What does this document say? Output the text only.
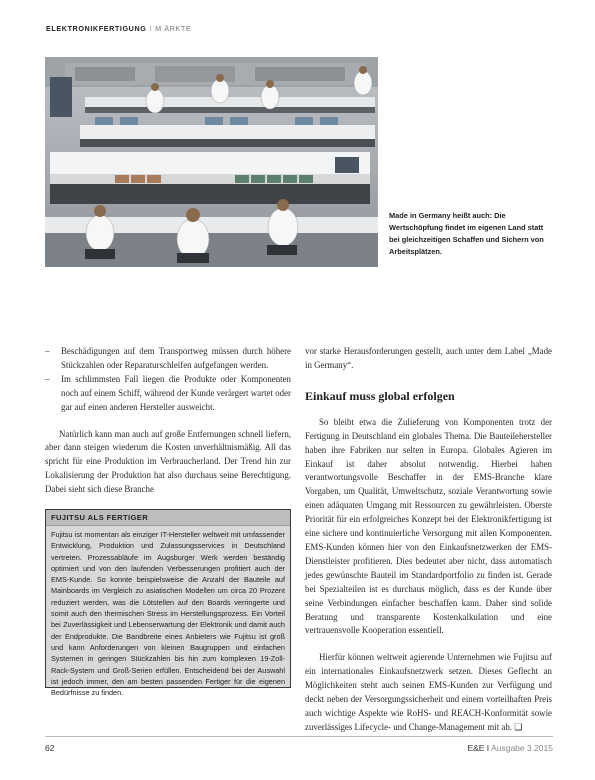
ELEKTRONIKFERTIGUNG I M ÄRKTE
Made in Germany heißt auch: Die Wertschöpfung findet im eigenen Land statt bei gleichzeitigen Schaffen und Sichern von Arbeitsplätzen.
– Beschädigungen auf dem Transportweg müssen durch höhere Stückzahlen oder Reparaturschleifen aufgefangen werden.
– Im schlimmsten Fall liegen die Produkte oder Komponenten noch auf einem Schiff, während der Kunde verärgert wartet oder gar auf einen anderen Hersteller ausweicht.

Natürlich kann man auch auf große Entfernungen schnell liefern, aber dann steigen wiederum die Kosten unverhältnismäßig. All das spricht für eine Produktion im Verbraucherland. Der Trend hin zur Lokalisierung der Produktion hat also durchaus seine Berechtigung. Dabei sieht sich diese Branche

FUJITSU ALS FERTIGER
Fujitsu ist momentan als einziger IT-Hersteller weltweit mit umfassender Entwicklung, Produktion und Zulassungsservices in Deutschland vertreten. Prozessabläufe im Augsburger Werk werden beständig optimiert und von den laufenden Verbesserungen profitiert auch der EMS-Kunde. So konnte beispielsweise die Anzahl der Bauteile auf Mainboards im Vergleich zu asiatischen Modellen um circa 20 Prozent reduziert werden, was die Lötstellen auf den Boards verringerte und somit auch den thermischen Stress im Herstellungsprozess. Ein Vorteil bei Zuverlässigkeit und Lebenserwartung der Elektronik und damit auch der Endprodukte. Die Bandbreite eines Anbieters wie Fujitsu ist groß und kann Anforderungen von kleinen Baugruppen und einfachen Systemen in geringen Stückzahlen bis hin zum komplexen 19-Zoll-Rack-System und Groß-Serien erfüllen. Entscheidend bei der Auswahl ist jedoch immer, den am besten passenden Fertiger für die eigenen Bedürfnisse zu finden.

vor starke Herausforderungen gestellt, auch unter dem Label „Made in Germany“.

Einkauf muss global erfolgen

So bleibt etwa die Zulieferung von Komponenten trotz der Fertigung in Deutschland ein globales Thema. Die Bauteilehersteller haben ihre Fabriken nur selten in Europa. Globales Agieren im Einkauf ist daher absolut notwendig. Hierbei haben verantwortungsvolle Beschaffer in der EMS-Branche klare Vorgaben, um Qualität, Umweltschutz, soziale Verantwortung sowie einen adäquaten Umgang mit Ressourcen zu gewährleisten. Oberste Priorität für ein erfolgreiches Konzept bei der Elektronikfertigung ist eine sichere und kontinuierliche Versorgung mit allen Komponenten. EMS-Kunden können hier von den Einkaufsnetzwerken der EMS-Dienstleister profitieren. Dies bedeutet aber nicht, dass automatisch jedes gewünschte Bauteil im Standardportfolio zu finden ist. Gerade bei Spezialteilen ist es durchaus möglich, dass es der Kunde über seine Verbindungen einfacher beschaffen kann. Daher sind solide Beratung und transparente Kostenkalkulation und eine vertrauensvolle Kooperation essentiell.

Hierfür können weltweit agierende Unternehmen wie Fujitsu auf ein internationales Einkaufsnetzwerk setzen. Dieses Geflecht an Möglichkeiten steht auch seinen EMS-Kunden zur Verfügung und deckt neben der Versorgungssicherheit und einem vorteilhaften Preis auch wichtige Aspekte wie RoHS- und REACH-Konformität sowie zuverlässiges Lifecycle- und Change-Management mit ab. ❑

62	E&E I Ausgabe 3.2015
